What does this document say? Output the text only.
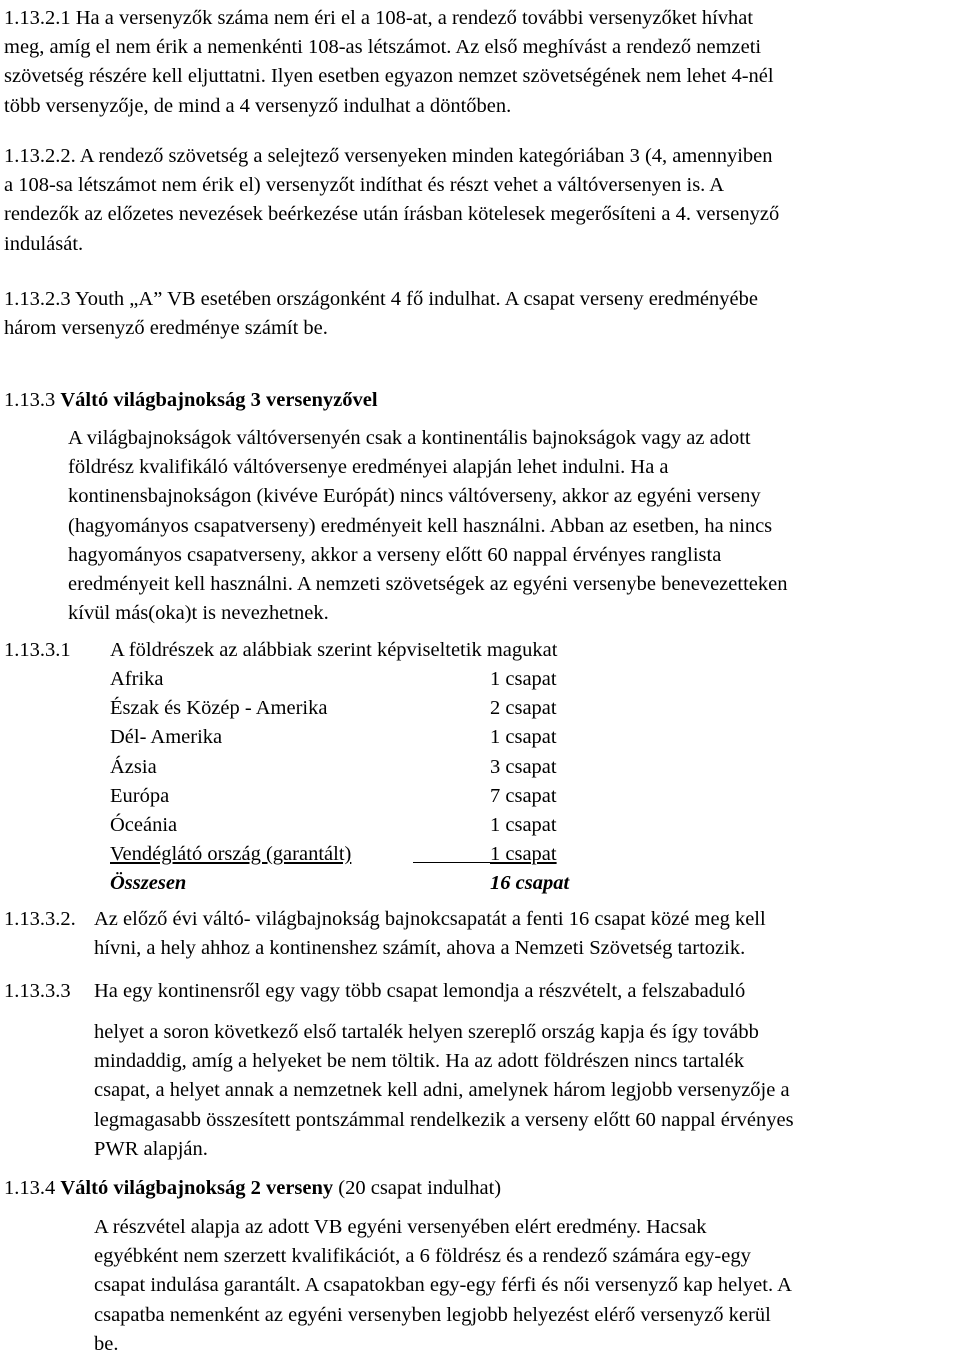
1.13.2.1 Ha a versenyzők száma nem éri el a 108-at, a rendező további versenyzőket hívhat

meg, amíg el nem érik a nemenkénti 108-as létszámot. Az első meghívást a rendező nemzeti

szövetség részére kell eljuttatni. Ilyen esetben egyazon nemzet szövetségének nem lehet 4-nél

több versenyzője, de mind a 4 versenyző indulhat a döntőben.

1.13.2.2. A rendező szövetség a selejtező versenyeken minden kategóriában 3 (4, amennyiben

a 108-sa létszámot nem érik el) versenyzőt indíthat és részt vehet a váltóversenyen is. A

rendezők az előzetes nevezések beérkezése után írásban kötelesek megerősíteni a 4. versenyző

indulását.

1.13.2.3 Youth „A” VB esetében országonként 4 fő indulhat. A csapat verseny eredményébe

három versenyző eredménye számít be.

1.13.3 Váltó világbajnokság 3 versenyzővel

A világbajnokságok váltóversenyén csak a kontinentális bajnokságok vagy az adott

földrész kvalifikáló váltóversenye eredményei alapján lehet indulni. Ha a

kontinensbajnokságon (kivéve Európát) nincs váltóverseny, akkor az egyéni verseny

(hagyományos csapatverseny) eredményeit kell használni. Abban az esetben, ha nincs

hagyományos csapatverseny, akkor a verseny előtt 60 nappal érvényes ranglista

eredményeit kell használni. A nemzeti szövetségek az egyéni versenybe benevezetteken

kívül más(oka)t is nevezhetnek.

1.13.3.1	A földrészek az alábbiak szerint képviseltetik magukat

Afrika	1 csapat
Észak és Közép - Amerika	2 csapat
Dél- Amerika	1 csapat
Ázsia	3 csapat
Európa	7 csapat
Óceánia	1 csapat
Vendéglátó ország (garantált)	1 csapat
Összesen	16 csapat

1.13.3.2. Az előző évi váltó- világbajnokság bajnokcsapatát a fenti 16 csapat közé meg kell

hívni, a hely ahhoz a kontinenshez számít, ahova a Nemzeti Szövetség tartozik.

1.13.3.3	Ha egy kontinensről egy vagy több csapat lemondja a részvételt, a felszabaduló

helyet a soron következő első tartalék helyen szereplő ország kapja és így tovább

mindaddig, amíg a helyeket be nem töltik. Ha az adott földrészen nincs tartalék

csapat, a helyet annak a nemzetnek kell adni, amelynek három legjobb versenyzője a

legmagasabb összesített pontszámmal rendelkezik a verseny előtt 60 nappal érvényes

PWR alapján.

1.13.4 Váltó világbajnokság 2 verseny (20 csapat indulhat)

A részvétel alapja az adott VB egyéni versenyében elért eredmény. Hacsak

egyébként nem szerzett kvalifikációt, a 6 földrész és a rendező számára egy-egy

csapat indulása garantált. A csapatokban egy-egy férfi és női versenyző kap helyet. A

csapatba nemenként az egyéni versenyben legjobb helyezést elérő versenyző kerül

be.
